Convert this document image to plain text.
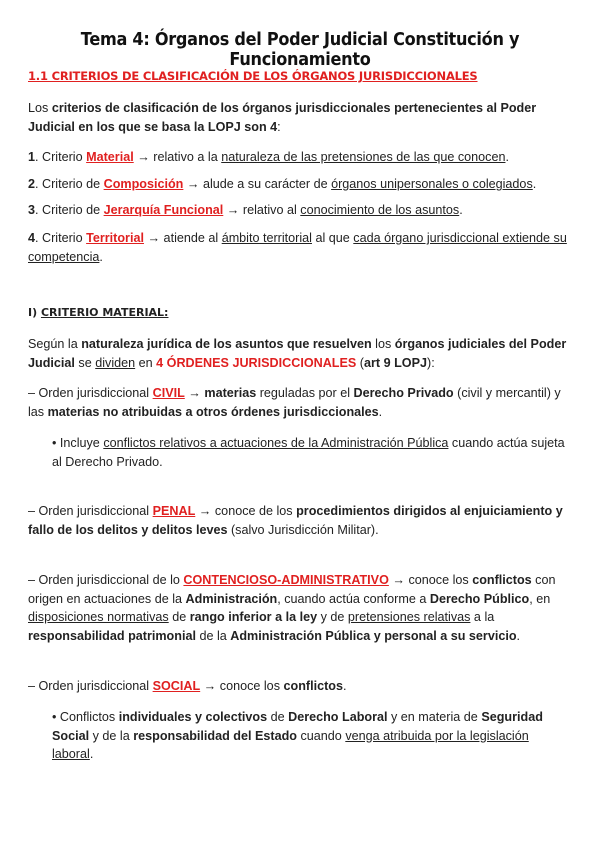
Tema 4: Órganos del Poder Judicial Constitución y Funcionamiento
1.1 CRITERIOS DE CLASIFICACIÓN DE LOS ÓRGANOS JURISDICCIONALES
Los criterios de clasificación de los órganos jurisdiccionales pertenecientes al Poder Judicial en los que se basa la LOPJ son 4:
1. Criterio Material → relativo a la naturaleza de las pretensiones de las que conocen.
2. Criterio de Composición → alude a su carácter de órganos unipersonales o colegiados.
3. Criterio de Jerarquía Funcional → relativo al conocimiento de los asuntos.
4. Criterio Territorial → atiende al ámbito territorial al que cada órgano jurisdiccional extiende su competencia.
I) CRITERIO MATERIAL:
Según la naturaleza jurídica de los asuntos que resuelven los órganos judiciales del Poder Judicial se dividen en 4 ÓRDENES JURISDICCIONALES (art 9 LOPJ):
– Orden jurisdiccional CIVIL → materias reguladas por el Derecho Privado (civil y mercantil) y las materias no atribuidas a otros órdenes jurisdiccionales.
• Incluye conflictos relativos a actuaciones de la Administración Pública cuando actúa sujeta al Derecho Privado.
– Orden jurisdiccional PENAL → conoce de los procedimientos dirigidos al enjuiciamiento y fallo de los delitos y delitos leves (salvo Jurisdicción Militar).
– Orden jurisdiccional de lo CONTENCIOSO-ADMINISTRATIVO → conoce los conflictos con origen en actuaciones de la Administración, cuando actúa conforme a Derecho Público, en disposiciones normativas de rango inferior a la ley y de pretensiones relativas a la responsabilidad patrimonial de la Administración Pública y personal a su servicio.
– Orden jurisdiccional SOCIAL → conoce los conflictos.
• Conflictos individuales y colectivos de Derecho Laboral y en materia de Seguridad Social y de la responsabilidad del Estado cuando venga atribuida por la legislación laboral.
